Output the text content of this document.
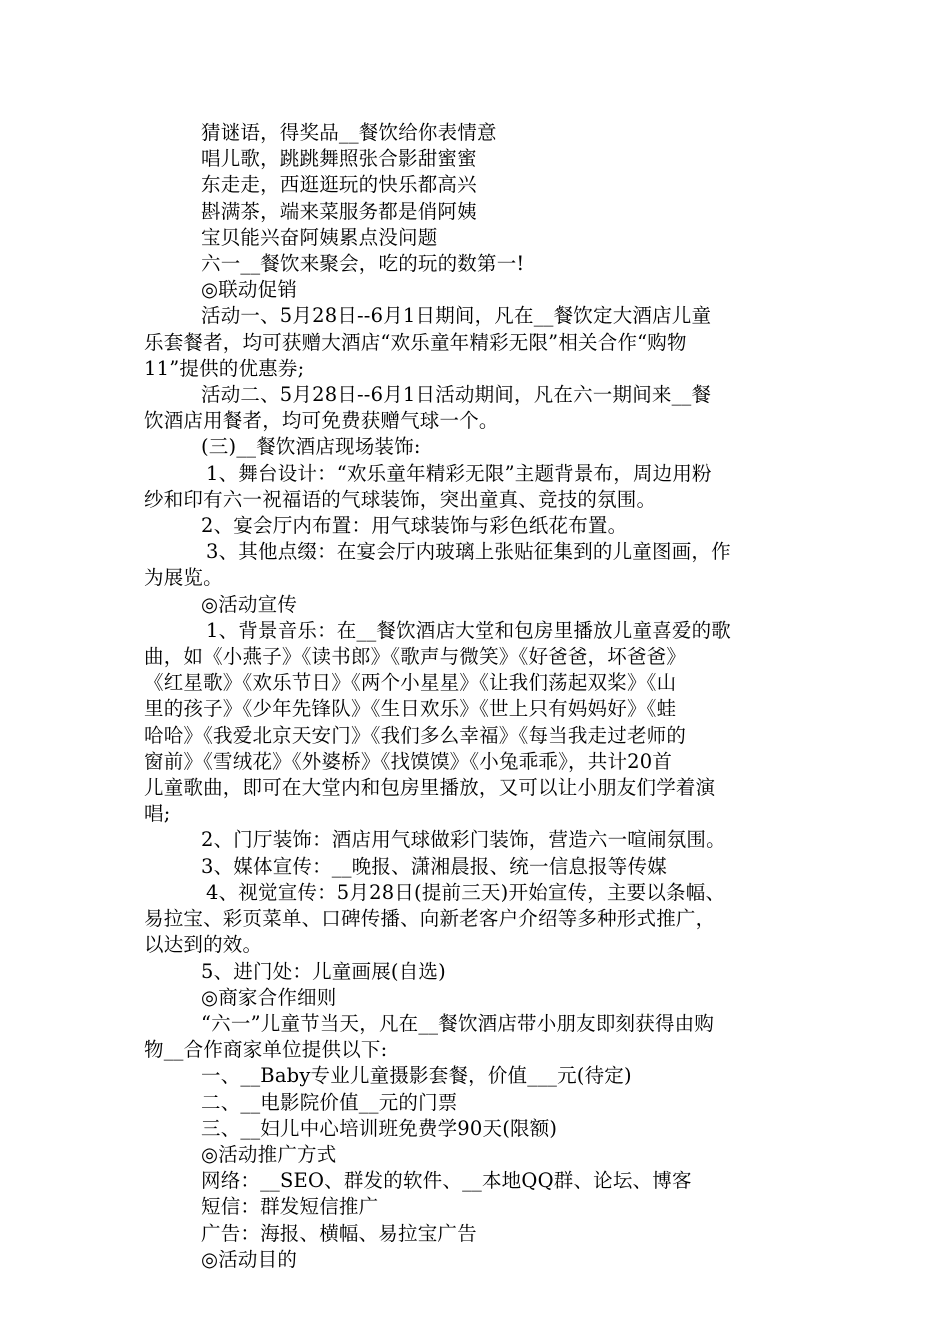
猜谜语，得奖品__餐饮给你表情意

唱儿歌，跳跳舞照张合影甜蜜蜜

东走走，西逛逛玩的快乐都高兴

斟满茶，端来菜服务都是俏阿姨

宝贝能兴奋阿姨累点没问题

六一__餐饮来聚会，吃的玩的数第一!

◎联动促销

活动一、5月28日--6月1日期间，凡在__餐饮定大酒店儿童

乐套餐者，均可获赠大酒店“欢乐童年精彩无限”相关合作“购物

11”提供的优惠券;

活动二、5月28日--6月1日活动期间，凡在六一期间来__餐

饮酒店用餐者，均可免费获赠气球一个。

(三)__餐饮酒店现场装饰:

1、舞台设计：“欢乐童年精彩无限”主题背景布，周边用粉

纱和印有六一祝福语的气球装饰，突出童真、竞技的氛围。

2、宴会厅内布置：用气球装饰与彩色纸花布置。

3、其他点缀：在宴会厅内玻璃上张贴征集到的儿童图画，作

为展览。

◎活动宣传

1、背景音乐：在__餐饮酒店大堂和包房里播放儿童喜爱的歌

曲，如《小燕子》《读书郎》《歌声与微笑》《好爸爸，坏爸爸》

《红星歌》《欢乐节日》《两个小星星》《让我们荡起双桨》《山

里的孩子》《少年先锋队》《生日欢乐》《世上只有妈妈好》《蛙

哈哈》《我爱北京天安门》《我们多么幸福》《每当我走过老师的

窗前》《雪绒花》《外婆桥》《找馍馍》《小兔乖乖》，共计20首

儿童歌曲，即可在大堂内和包房里播放，又可以让小朋友们学着演

唱;

2、门厅装饰：酒店用气球做彩门装饰，营造六一喧闹氛围。

3、媒体宣传：__晚报、潇湘晨报、统一信息报等传媒

4、视觉宣传：5月28日(提前三天)开始宣传，主要以条幅、

易拉宝、彩页菜单、口碑传播、向新老客户介绍等多种形式推广，

以达到的效。

5、进门处：儿童画展(自选)

◎商家合作细则

“六一”儿童节当天，凡在__餐饮酒店带小朋友即刻获得由购

物__合作商家单位提供以下:

一、__Baby专业儿童摄影套餐，价值___元(待定)

二、__电影院价值__元的门票

三、__妇儿中心培训班免费学90天(限额)

◎活动推广方式

网络：__SEO、群发的软件、__本地QQ群、论坛、博客

短信：群发短信推广

广告：海报、横幅、易拉宝广告

◎活动目的
